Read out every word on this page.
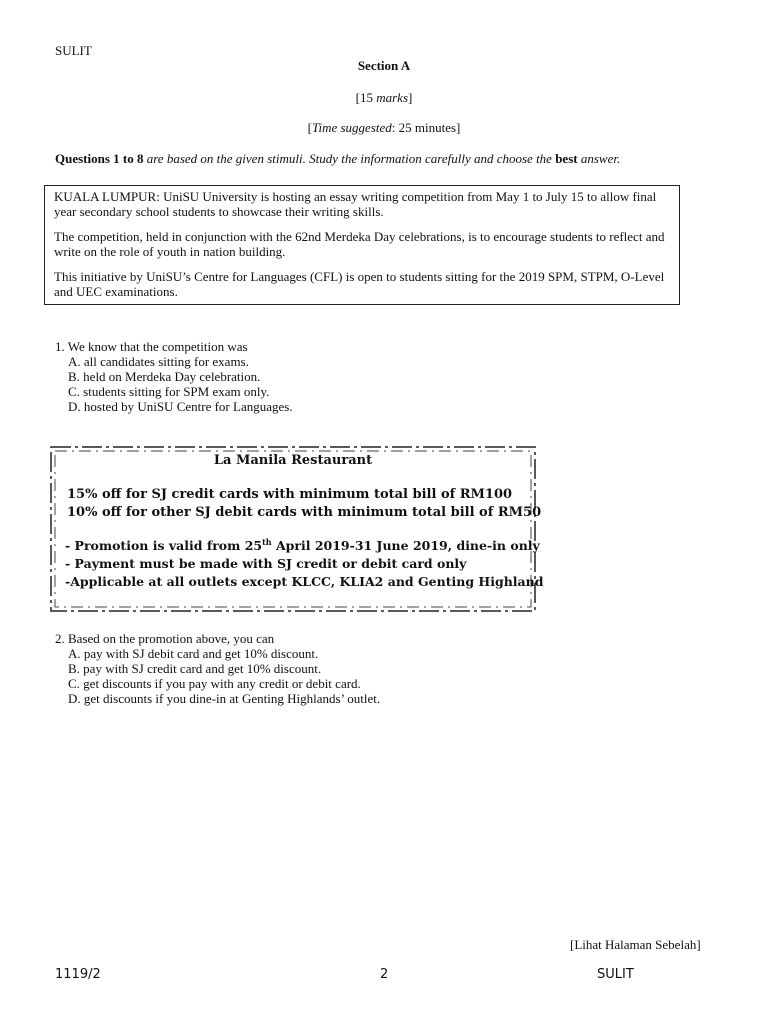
SULIT
Section A
[15 marks]
[Time suggested: 25 minutes]
Questions 1 to 8 are based on the given stimuli. Study the information carefully and choose the best answer.

KUALA LUMPUR: UniSU University is hosting an essay writing competition from May 1 to July 15 to allow final year secondary school students to showcase their writing skills.

The competition, held in conjunction with the 62nd Merdeka Day celebrations, is to encourage students to reflect and write on the role of youth in nation building.

This initiative by UniSU’s Centre for Languages (CFL) is open to students sitting for the 2019 SPM, STPM, O-Level and UEC examinations.

1. We know that the competition was
A. all candidates sitting for exams.
B. held on Merdeka Day celebration.
C. students sitting for SPM exam only.
D. hosted by UniSU Centre for Languages.
La Manila Restaurant
15% off for SJ credit cards with minimum total bill of RM100
10% off for other SJ debit cards with minimum total bill of RM50
- Promotion is valid from 25th April 2019-31 June 2019, dine-in only
- Payment must be made with SJ credit or debit card only
-Applicable at all outlets except KLCC, KLIA2 and Genting Highland
2. Based on the promotion above, you can
A. pay with SJ debit card and get 10% discount.
B. pay with SJ credit card and get 10% discount.
C. get discounts if you pay with any credit or debit card.
D. get discounts if you dine-in at Genting Highlands’ outlet.
[Lihat Halaman Sebelah]
1119/2	2	SULIT
